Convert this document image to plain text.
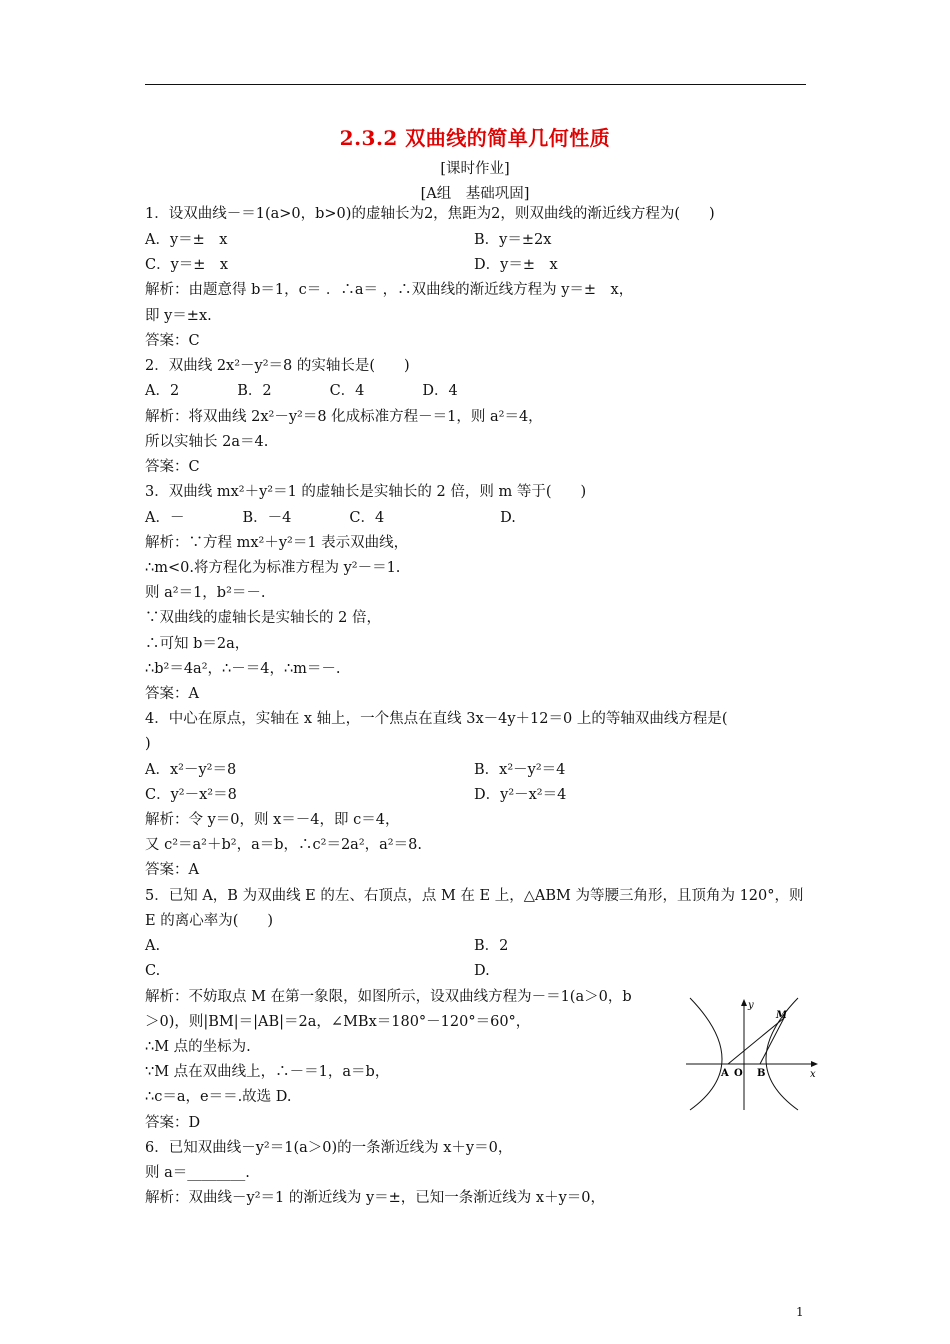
2.3.2 双曲线的简单几何性质
[课时作业]
[A组　基础巩固]
1．设双曲线－＝1(a>0，b>0)的虚轴长为2，焦距为2，则双曲线的渐近线方程为(　　)
A．y＝±　x	B．y＝±2x
C．y＝±　x	D．y＝±　x
解析：由题意得 b＝1，c＝ ．∴a＝ ，∴双曲线的渐近线方程为 y＝±　x，
即 y＝±x.
答案：C
2．双曲线 2x²－y²＝8 的实轴长是(　　)
A．2　　　　B．2　　　　C．4　　　　D．4
解析：将双曲线 2x²－y²＝8 化成标准方程－＝1，则 a²＝4，
所以实轴长 2a＝4.
答案：C
3．双曲线 mx²＋y²＝1 的虚轴长是实轴长的 2 倍，则 m 等于(　　)
A．－　　　　B．－4　　　　C．4　　　　　　　　D.
解析：∵方程 mx²＋y²＝1 表示双曲线，
∴m<0.将方程化为标准方程为 y²－＝1.
则 a²＝1，b²＝－.
∵双曲线的虚轴长是实轴长的 2 倍，
∴可知 b＝2a，
∴b²＝4a²，∴－＝4，∴m＝－.
答案：A
4．中心在原点，实轴在 x 轴上，一个焦点在直线 3x－4y＋12＝0 上的等轴双曲线方程是(
)
A．x²－y²＝8	B．x²－y²＝4
C．y²－x²＝8	D．y²－x²＝4
解析：令 y＝0，则 x＝－4，即 c＝4，
又 c²＝a²＋b²，a＝b，∴c²＝2a²，a²＝8.
答案：A
5．已知 A，B 为双曲线 E 的左、右顶点，点 M 在 E 上，△ABM 为等腰三角形，且顶角为 120°，则
E 的离心率为(　　)
A.	B．2
C.	D.
解析：不妨取点 M 在第一象限，如图所示，设双曲线方程为－＝1(a＞0，b
＞0)，则|BM|＝|AB|＝2a，∠MBx＝180°－120°＝60°，
∴M 点的坐标为.
∵M 点在双曲线上，∴－＝1，a＝b，
∴c＝a，e＝＝.故选 D.
答案：D
6．已知双曲线－y²＝1(a＞0)的一条渐近线为 x＋y＝0，
则 a＝________.
解析：双曲线－y²＝1 的渐近线为 y＝±，已知一条渐近线为 x＋y＝0，
y
x
M
A O B
1
